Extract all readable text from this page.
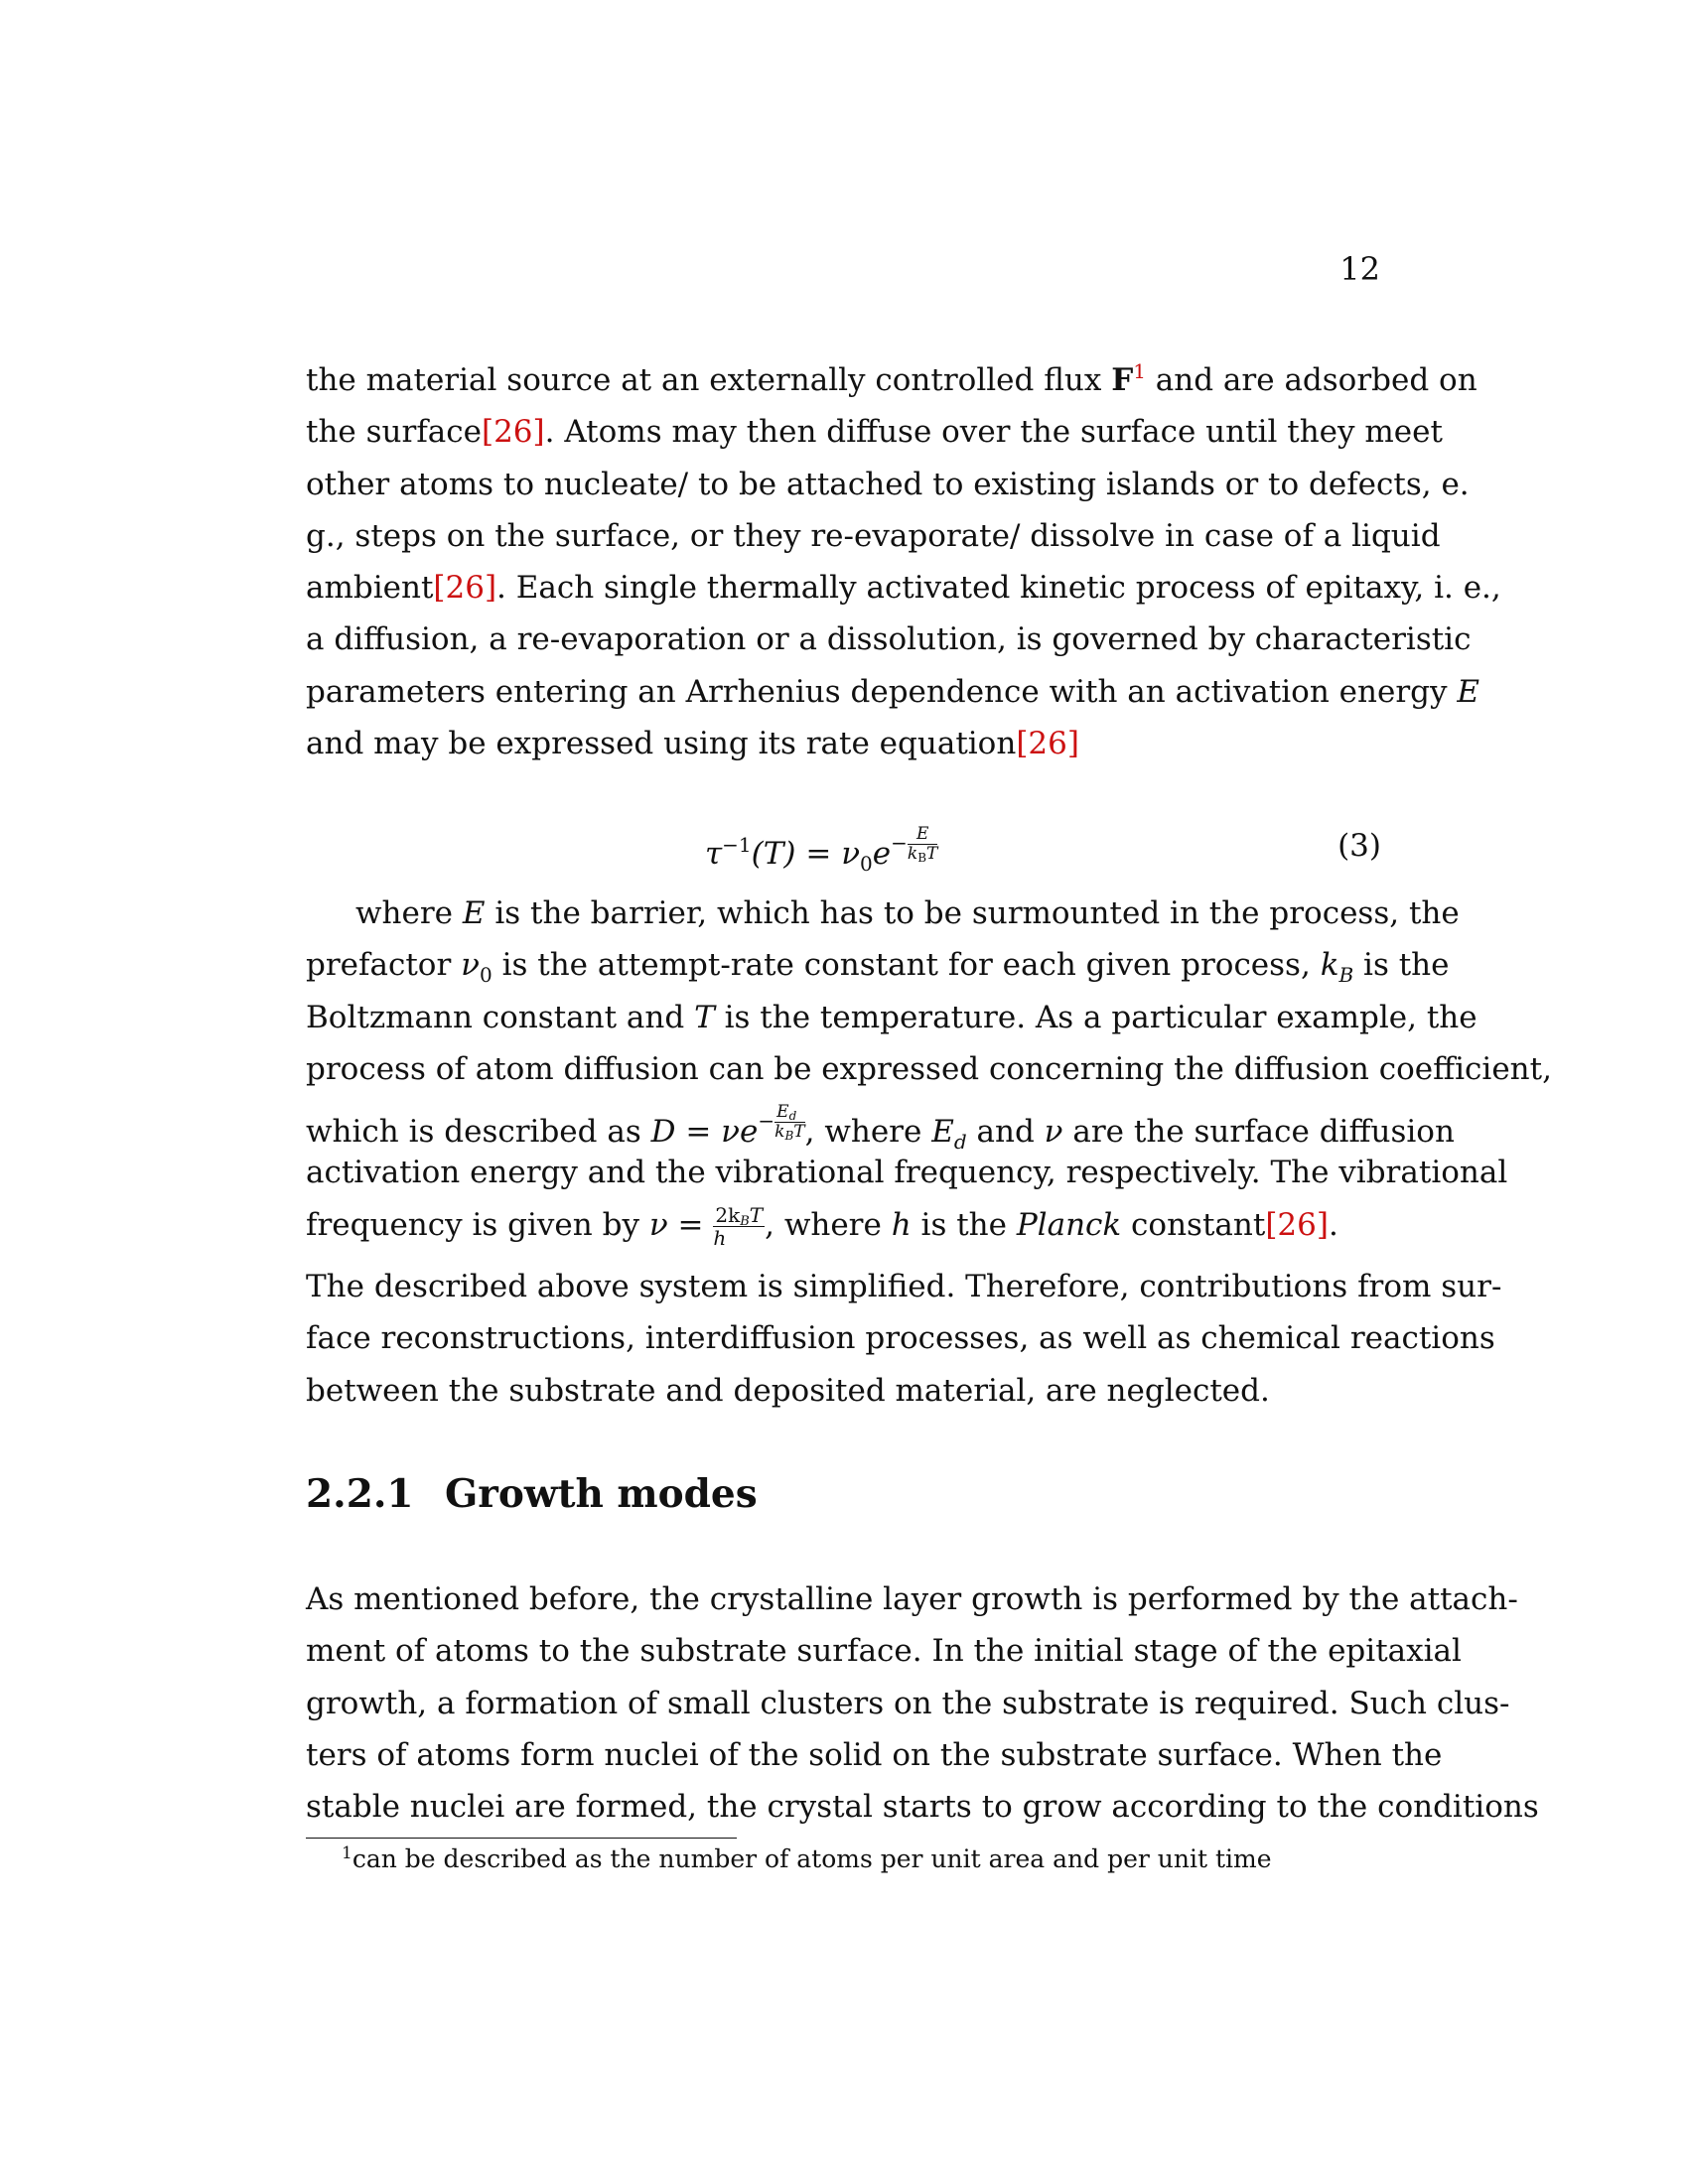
12
the material source at an externally controlled flux $F^1$ and are adsorbed on
the surface[26]. Atoms may then diffuse over the surface until they meet
other atoms to nucleate/ to be attached to existing islands or to defects, e.
g., steps on the surface, or they re-evaporate/ dissolve in case of a liquid
ambient[26]. Each single thermally activated kinetic process of epitaxy, i. e.,
a diffusion, a re-evaporation or a dissolution, is governed by characteristic
parameters entering an Arrhenius dependence with an activation energy E
and may be expressed using its rate equation[26]
$\tau^{-1}(T) = \nu_0e- \frac{E}{k_BT}$	(3)
where E is the barrier, which has to be surmounted in the process, the
prefactor $\nu_0$ is the attempt-rate constant for each given process, $k_B$ is the
Boltzmann constant and T is the temperature. As a particular example, the
process of atom diffusion can be expressed concerning the diffusion coefficient,
which is described as $D = \nu e- \frac{E_d}{k_BT}$ , where $E_d$ and ν are the surface diffusion
activation energy and the vibrational frequency, respectively. The vibrational
frequency is given by $\nu = \frac{2k_BT}{h}$ , where h is the Planck constant[26].
The described above system is simplified. Therefore, contributions from sur-
face reconstructions, interdiffusion processes, as well as chemical reactions
between the substrate and deposited material, are neglected.
2.2.1 Growth modes
As mentioned before, the crystalline layer growth is performed by the attach-
ment of atoms to the substrate surface. In the initial stage of the epitaxial
growth, a formation of small clusters on the substrate is required. Such clus-
ters of atoms form nuclei of the solid on the substrate surface. When the
stable nuclei are formed, the crystal starts to grow according to the conditions
$^1$can be described as the number of atoms per unit area and per unit time
